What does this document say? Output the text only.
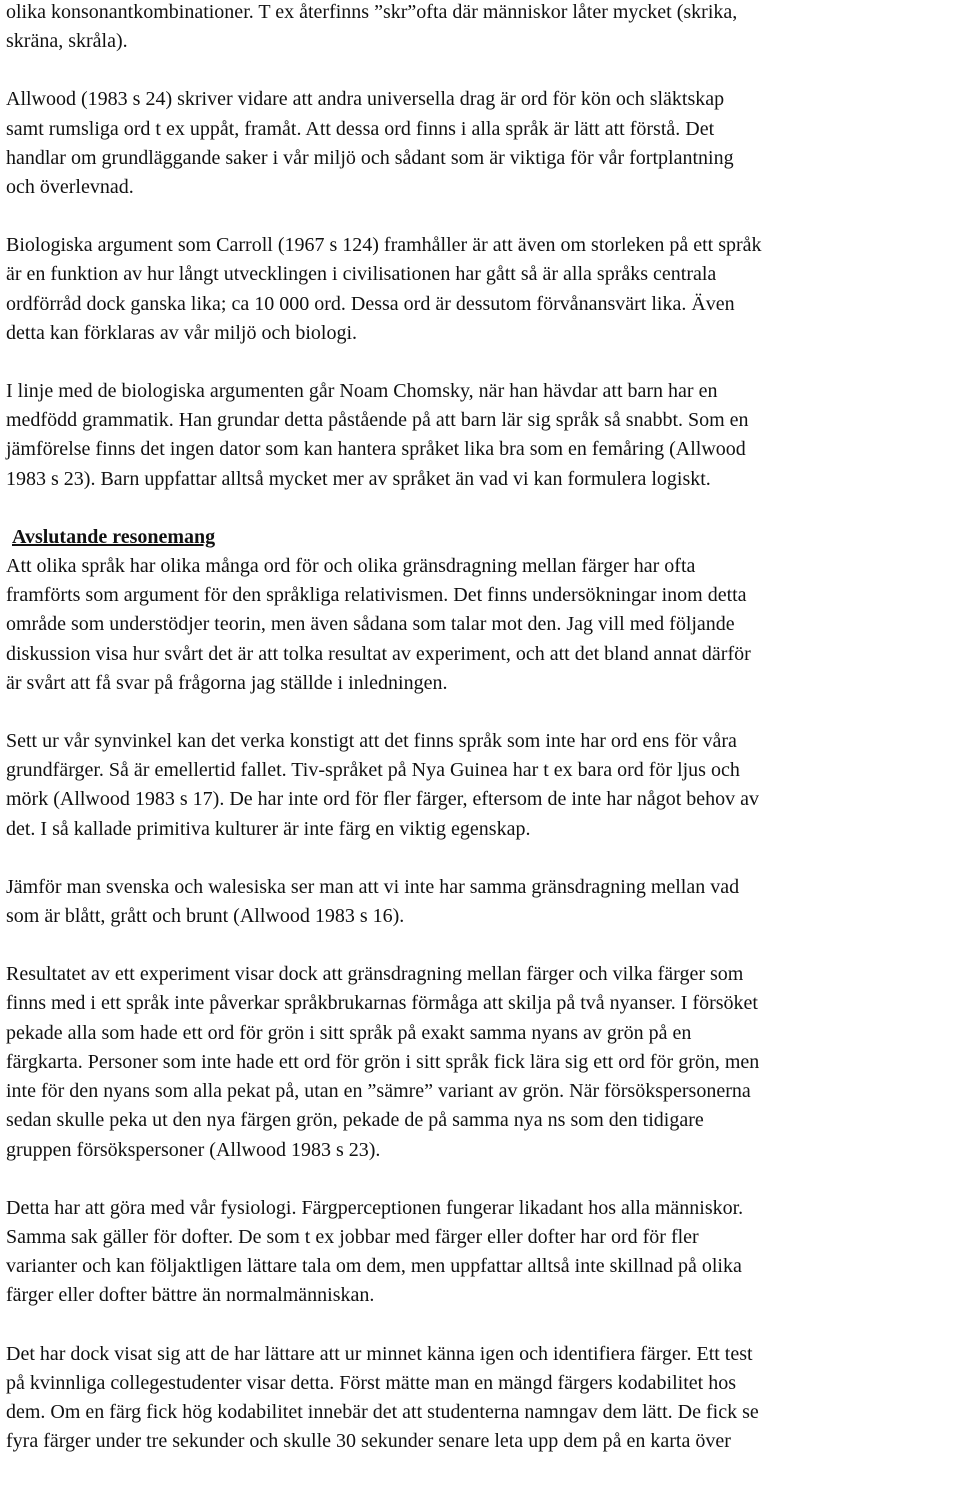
olika konsonantkombinationer. T ex återfinns ”skr”ofta där människor låter mycket (skrika,
skräna, skråla).

Allwood (1983 s 24) skriver vidare att andra universella drag är ord för kön och släktskap
samt rumsliga ord t ex uppåt, framåt. Att dessa ord finns i alla språk är lätt att förstå. Det
handlar om grundläggande saker i vår miljö och sådant som är viktiga för vår fortplantning
och överlevnad.

Biologiska argument som Carroll (1967 s 124) framhåller är att även om storleken på ett språk
är en funktion av hur långt utvecklingen i civilisationen har gått så är alla språks centrala
ordförråd dock ganska lika; ca 10 000 ord. Dessa ord är dessutom förvånansvärt lika. Även
detta kan förklaras av vår miljö och biologi.

I linje med de biologiska argumenten går Noam Chomsky, när han hävdar att barn har en
medfödd grammatik. Han grundar detta påstående på att barn lär sig språk så snabbt. Som en
jämförelse finns det ingen dator som kan hantera språket lika bra som en femåring (Allwood
1983 s 23). Barn uppfattar alltså mycket mer av språket än vad vi kan formulera logiskt.

Avslutande resonemang

Att olika språk har olika många ord för och olika gränsdragning mellan färger har ofta
framförts som argument för den språkliga relativismen. Det finns undersökningar inom detta
område som understödjer teorin, men även sådana som talar mot den. Jag vill med följande
diskussion visa hur svårt det är att tolka resultat av experiment, och att det bland annat därför
är svårt att få svar på frågorna jag ställde i inledningen.

Sett ur vår synvinkel kan det verka konstigt att det finns språk som inte har ord ens för våra
grundfärger. Så är emellertid fallet. Tiv-språket på Nya Guinea har t ex bara ord för ljus och
mörk (Allwood 1983 s 17). De har inte ord för fler färger, eftersom de inte har något behov av
det. I så kallade primitiva kulturer är inte färg en viktig egenskap.

Jämför man svenska och walesiska ser man att vi inte har samma gränsdragning mellan vad
som är blått, grått och brunt (Allwood 1983 s 16).

Resultatet av ett experiment visar dock att gränsdragning mellan färger och vilka färger som
finns med i ett språk inte påverkar språkbrukarnas förmåga att skilja på två nyanser. I försöket
pekade alla som hade ett ord för grön i sitt språk på exakt samma nyans av grön på en
färgkarta. Personer som inte hade ett ord för grön i sitt språk fick lära sig ett ord för grön, men
inte för den nyans som alla pekat på, utan en ”sämre” variant av grön. När försökspersonerna
sedan skulle peka ut den nya färgen grön, pekade de på samma nya ns som den tidigare
gruppen försökspersoner (Allwood 1983 s 23).

Detta har att göra med vår fysiologi. Färgperceptionen fungerar likadant hos alla människor.
Samma sak gäller för dofter. De som t ex jobbar med färger eller dofter har ord för fler
varianter och kan följaktligen lättare tala om dem, men uppfattar alltså inte skillnad på olika
färger eller dofter bättre än normalmänniskan.

Det har dock visat sig att de har lättare att ur minnet känna igen och identifiera färger. Ett test
på kvinnliga collegestudenter visar detta. Först mätte man en mängd färgers kodabilitet hos
dem. Om en färg fick hög kodabilitet innebär det att studenterna namngav dem lätt. De fick se
fyra färger under tre sekunder och skulle 30 sekunder senare leta upp dem på en karta över
